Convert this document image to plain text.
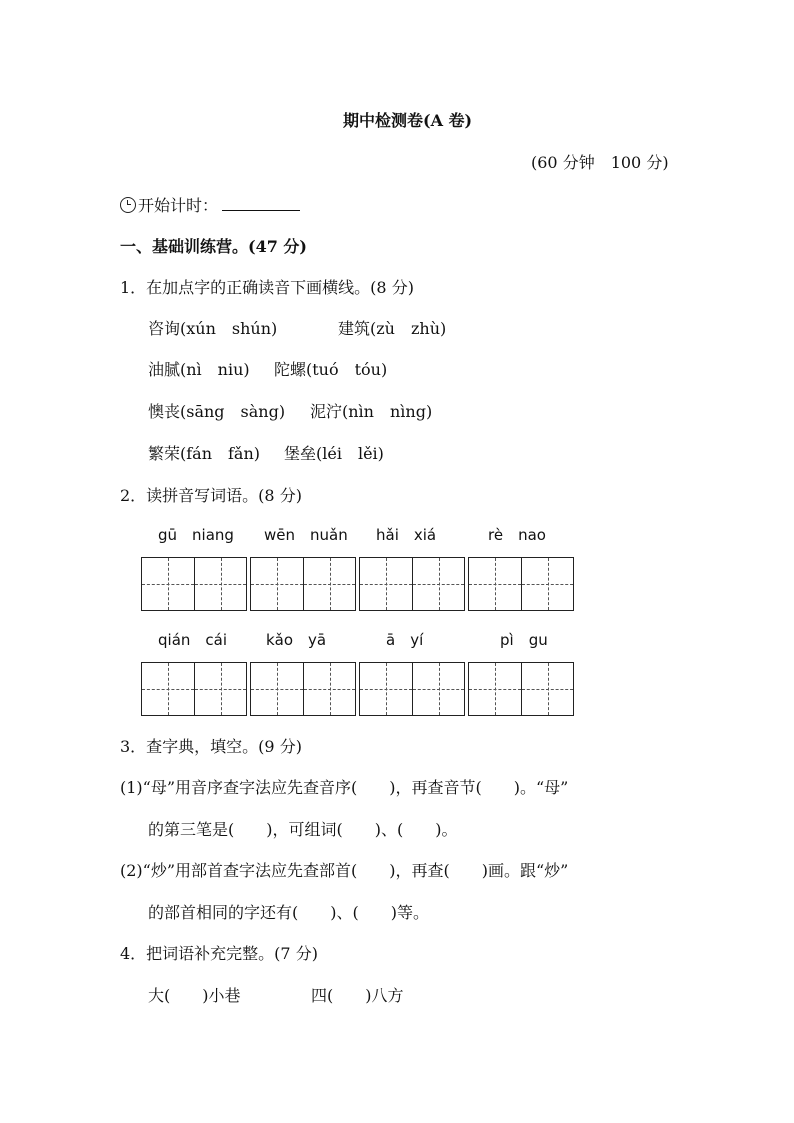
期中检测卷(A 卷)
(60 分钟　100 分)
开始计时：
一、基础训练营。(47 分)
1．在加点字的正确读音下画横线。(8 分)
咨询(xún　shún)	建筑(zù　zhù)
油腻(nì　niu) 陀螺(tuó　tóu)
懊丧(sāng　sàng) 泥泞(nìn　nìng)
繁荣(fán　fǎn) 堡垒(léi　lěi)
2．读拼音写词语。(8 分)
gū　niang wēn　nuǎn hǎi　xiá	rè　nao
qián　cái	kǎo　yā	ā　yí	pì　gu
3．查字典，填空。(9 分)
(1)“母”用音序查字法应先查音序(　　)，再查音节(　　)。“母”
的第三笔是(　　)，可组词(　　)、(　　)。
(2)“炒”用部首查字法应先查部首(　　)，再查(　　)画。跟“炒”
的部首相同的字还有(　　)、(　　)等。
4．把词语补充完整。(7 分)
大(　　)小巷	四(　　)八方
